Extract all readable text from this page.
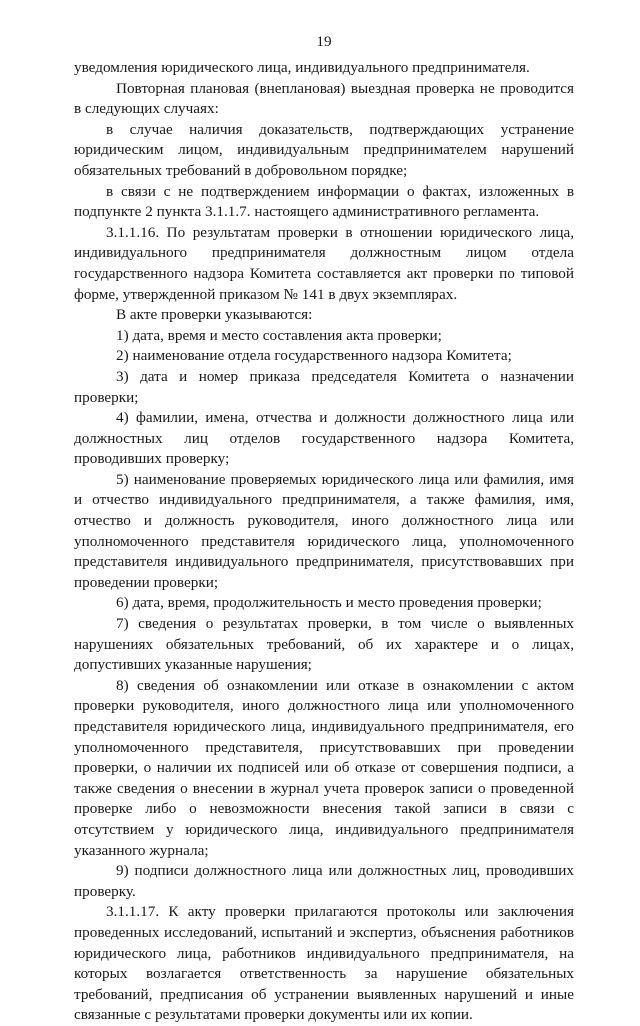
19

уведомления юридического лица, индивидуального предпринимателя.

Повторная плановая (внеплановая) выездная проверка не проводится в следующих случаях:

в случае наличия доказательств, подтверждающих устранение юридическим лицом, индивидуальным предпринимателем нарушений обязательных требований в добровольном порядке;

в связи с не подтверждением информации о фактах, изложенных в подпункте 2 пункта 3.1.1.7. настоящего административного регламента.

3.1.1.16. По результатам проверки в отношении юридического лица, индивидуального предпринимателя должностным лицом отдела государственного надзора Комитета составляется акт проверки по типовой форме, утвержденной приказом № 141 в двух экземплярах.

В акте проверки указываются:

1) дата, время и место составления акта проверки;

2) наименование отдела государственного надзора Комитета;

3) дата и номер приказа председателя Комитета о назначении проверки;

4) фамилии, имена, отчества и должности должностного лица или должностных лиц отделов государственного надзора Комитета, проводивших проверку;

5) наименование проверяемых юридического лица или фамилия, имя и отчество индивидуального предпринимателя, а также фамилия, имя, отчество и должность руководителя, иного должностного лица или уполномоченного представителя юридического лица, уполномоченного представителя индивидуального предпринимателя, присутствовавших при проведении проверки;

6) дата, время, продолжительность и место проведения проверки;

7) сведения о результатах проверки, в том числе о выявленных нарушениях обязательных требований, об их характере и о лицах, допустивших указанные нарушения;

8) сведения об ознакомлении или отказе в ознакомлении с актом проверки руководителя, иного должностного лица или уполномоченного представителя юридического лица, индивидуального предпринимателя, его уполномоченного представителя, присутствовавших при проведении проверки, о наличии их подписей или об отказе от совершения подписи, а также сведения о внесении в журнал учета проверок записи о проведенной проверке либо о невозможности внесения такой записи в связи с отсутствием у юридического лица, индивидуального предпринимателя указанного журнала;

9) подписи должностного лица или должностных лиц, проводивших проверку.

3.1.1.17. К акту проверки прилагаются протоколы или заключения проведенных исследований, испытаний и экспертиз, объяснения работников юридического лица, работников индивидуального предпринимателя, на которых возлагается ответственность за нарушение обязательных требований, предписания об устранении выявленных нарушений и иные связанные с результатами проверки документы или их копии.
